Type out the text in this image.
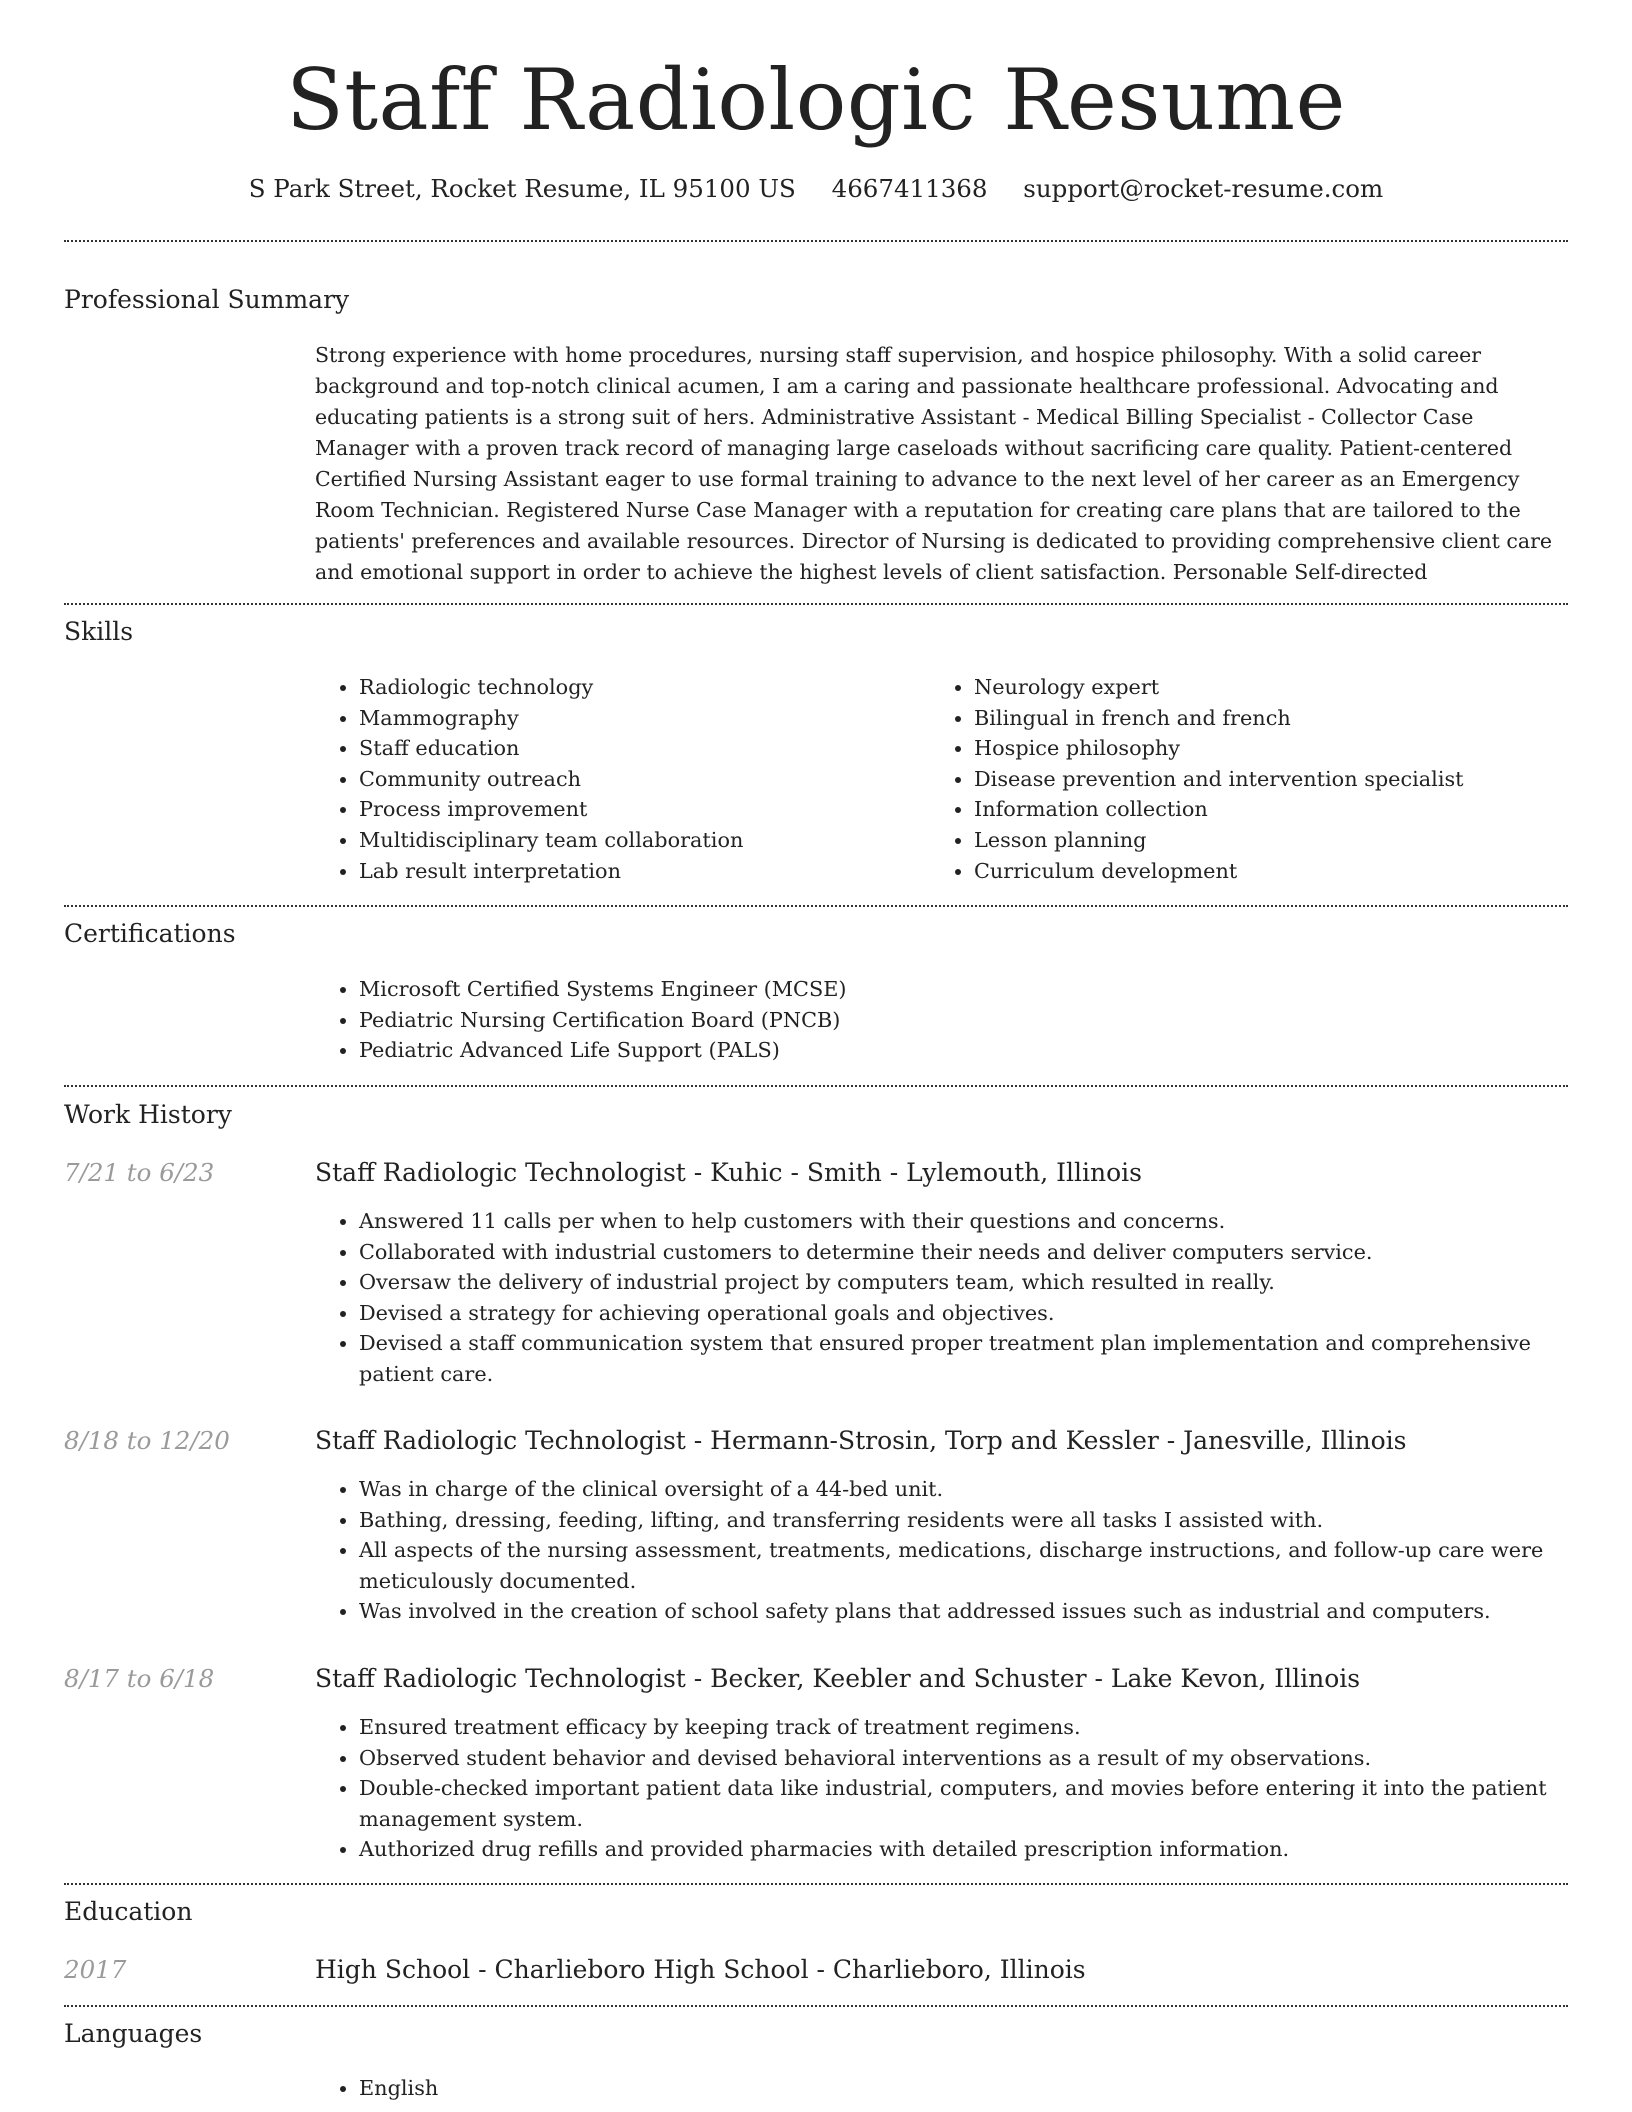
Staff Radiologic Resume
S Park Street, Rocket Resume, IL 95100 US 4667411368 support@rocket-resume.com
Professional Summary
Strong experience with home procedures, nursing staff supervision, and hospice philosophy. With a solid career background and top-notch clinical acumen, I am a caring and passionate healthcare professional. Advocating and educating patients is a strong suit of hers. Administrative Assistant - Medical Billing Specialist - Collector Case Manager with a proven track record of managing large caseloads without sacrificing care quality. Patient-centered Certified Nursing Assistant eager to use formal training to advance to the next level of her career as an Emergency Room Technician. Registered Nurse Case Manager with a reputation for creating care plans that are tailored to the patients' preferences and available resources. Director of Nursing is dedicated to providing comprehensive client care and emotional support in order to achieve the highest levels of client satisfaction. Personable Self-directed
Skills
• Radiologic technology
• Mammography
• Staff education
• Community outreach
• Process improvement
• Multidisciplinary team collaboration
• Lab result interpretation
• Neurology expert
• Bilingual in french and french
• Hospice philosophy
• Disease prevention and intervention specialist
• Information collection
• Lesson planning
• Curriculum development
Certifications
• Microsoft Certified Systems Engineer (MCSE)
• Pediatric Nursing Certification Board (PNCB)
• Pediatric Advanced Life Support (PALS)
Work History
7/21 to 6/23	Staff Radiologic Technologist - Kuhic - Smith - Lylemouth, Illinois
• Answered 11 calls per when to help customers with their questions and concerns.
• Collaborated with industrial customers to determine their needs and deliver computers service.
• Oversaw the delivery of industrial project by computers team, which resulted in really.
• Devised a strategy for achieving operational goals and objectives.
• Devised a staff communication system that ensured proper treatment plan implementation and comprehensive patient care.
8/18 to 12/20	Staff Radiologic Technologist - Hermann-Strosin, Torp and Kessler - Janesville, Illinois
• Was in charge of the clinical oversight of a 44-bed unit.
• Bathing, dressing, feeding, lifting, and transferring residents were all tasks I assisted with.
• All aspects of the nursing assessment, treatments, medications, discharge instructions, and follow-up care were meticulously documented.
• Was involved in the creation of school safety plans that addressed issues such as industrial and computers.
8/17 to 6/18	Staff Radiologic Technologist - Becker, Keebler and Schuster - Lake Kevon, Illinois
• Ensured treatment efficacy by keeping track of treatment regimens.
• Observed student behavior and devised behavioral interventions as a result of my observations.
• Double-checked important patient data like industrial, computers, and movies before entering it into the patient management system.
• Authorized drug refills and provided pharmacies with detailed prescription information.
Education
2017	High School - Charlieboro High School - Charlieboro, Illinois
Languages
• English
